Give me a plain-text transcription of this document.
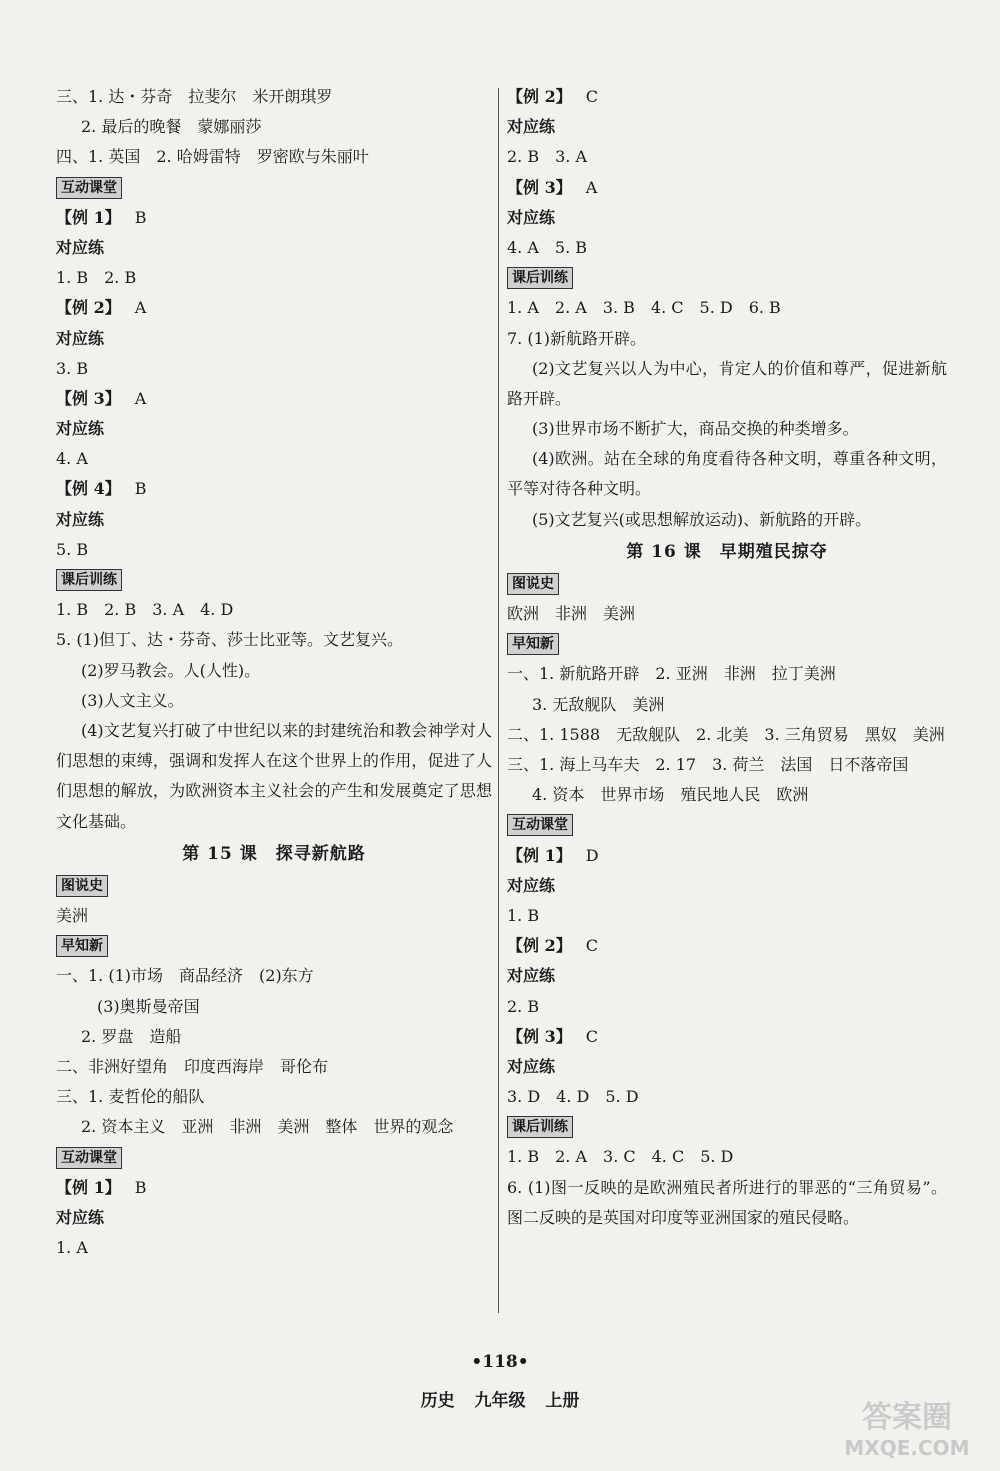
三、1. 达・芬奇　拉斐尔　米开朗琪罗
2. 最后的晚餐　蒙娜丽莎
四、1. 英国　2. 哈姆雷特　罗密欧与朱丽叶
互动课堂
【例 1】 B
对应练
1. B　2. B
【例 2】 A
对应练
3. B
【例 3】 A
对应练
4. A
【例 4】 B
对应练
5. B
课后训练
1. B　2. B　3. A　4. D
5. (1)但丁、达・芬奇、莎士比亚等。文艺复兴。
(2)罗马教会。人(人性)。
(3)人文主义。
(4)文艺复兴打破了中世纪以来的封建统治和教会神学对人们思想的束缚，强调和发挥人在这个世界上的作用，促进了人们思想的解放，为欧洲资本主义社会的产生和发展奠定了思想文化基础。
第 15 课　探寻新航路
图说史
美洲
早知新
一、1. (1)市场　商品经济　(2)东方
　(3)奥斯曼帝国
2. 罗盘　造船
二、非洲好望角　印度西海岸　哥伦布
三、1. 麦哲伦的船队
2. 资本主义　亚洲　非洲　美洲　整体　世界的观念
互动课堂
【例 1】 B
对应练
1. A
【例 2】 C
对应练
2. B　3. A
【例 3】 A
对应练
4. A　5. B
课后训练
1. A　2. A　3. B　4. C　5. D　6. B
7. (1)新航路开辟。
(2)文艺复兴以人为中心，肯定人的价值和尊严，促进新航路开辟。
(3)世界市场不断扩大，商品交换的种类增多。
(4)欧洲。站在全球的角度看待各种文明，尊重各种文明，平等对待各种文明。
(5)文艺复兴(或思想解放运动)、新航路的开辟。
第 16 课　早期殖民掠夺
图说史
欧洲　非洲　美洲
早知新
一、1. 新航路开辟　2. 亚洲　非洲　拉丁美洲
3. 无敌舰队　美洲
二、1. 1588　无敌舰队　2. 北美　3. 三角贸易　黑奴　美洲
三、1. 海上马车夫　2. 17　3. 荷兰　法国　日不落帝国
4. 资本　世界市场　殖民地人民　欧洲
互动课堂
【例 1】 D
对应练
1. B
【例 2】 C
对应练
2. B
【例 3】 C
对应练
3. D　4. D　5. D
课后训练
1. B　2. A　3. C　4. C　5. D
6. (1)图一反映的是欧洲殖民者所进行的罪恶的“三角贸易”。图二反映的是英国对印度等亚洲国家的殖民侵略。
•118•
历史 九年级 上册	答案圈
MXQE.COM
